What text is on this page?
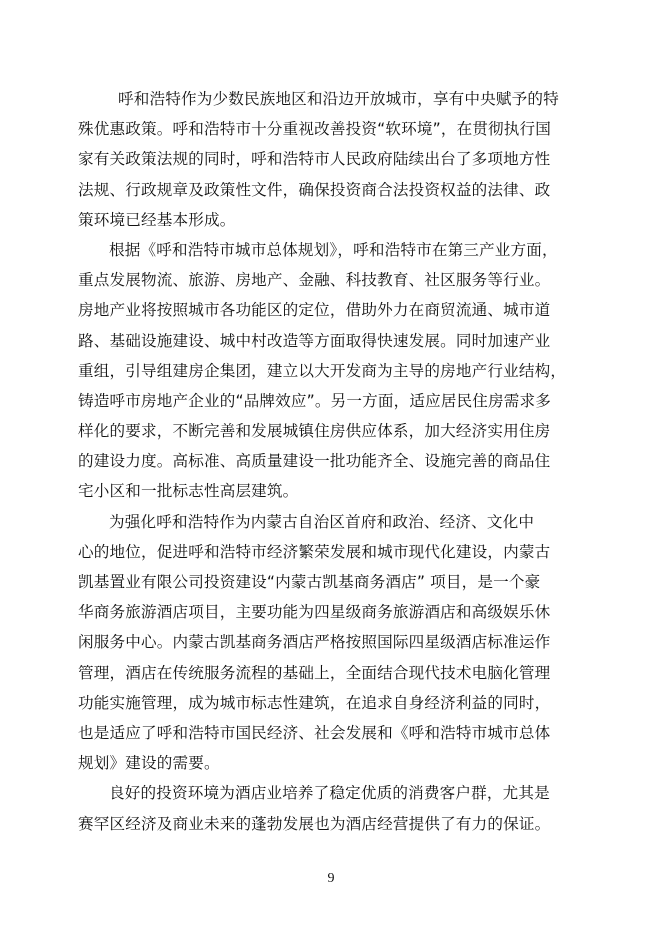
呼和浩特作为少数民族地区和沿边开放城市，享有中央赋予的特
殊优惠政策。呼和浩特市十分重视改善投资“软环境”，在贯彻执行国
家有关政策法规的同时，呼和浩特市人民政府陆续出台了多项地方性
法规、行政规章及政策性文件，确保投资商合法投资权益的法律、政
策环境已经基本形成。
根据《呼和浩特市城市总体规划》，呼和浩特市在第三产业方面，
重点发展物流、旅游、房地产、金融、科技教育、社区服务等行业。
房地产业将按照城市各功能区的定位，借助外力在商贸流通、城市道
路、基础设施建设、城中村改造等方面取得快速发展。同时加速产业
重组，引导组建房企集团，建立以大开发商为主导的房地产行业结构，
铸造呼市房地产企业的“品牌效应”。另一方面，适应居民住房需求多
样化的要求，不断完善和发展城镇住房供应体系，加大经济实用住房
的建设力度。高标准、高质量建设一批功能齐全、设施完善的商品住
宅小区和一批标志性高层建筑。
为强化呼和浩特作为内蒙古自治区首府和政治、经济、文化中
心的地位，促进呼和浩特市经济繁荣发展和城市现代化建设，内蒙古
凯基置业有限公司投资建设“内蒙古凯基商务酒店” 项目，是一个豪
华商务旅游酒店项目，主要功能为四星级商务旅游酒店和高级娱乐休
闲服务中心。内蒙古凯基商务酒店严格按照国际四星级酒店标准运作
管理，酒店在传统服务流程的基础上，全面结合现代技术电脑化管理
功能实施管理，成为城市标志性建筑，在追求自身经济利益的同时，
也是适应了呼和浩特市国民经济、社会发展和《呼和浩特市城市总体
规划》建设的需要。
良好的投资环境为酒店业培养了稳定优质的消费客户群，尤其是
赛罕区经济及商业未来的蓬勃发展也为酒店经营提供了有力的保证。
9
